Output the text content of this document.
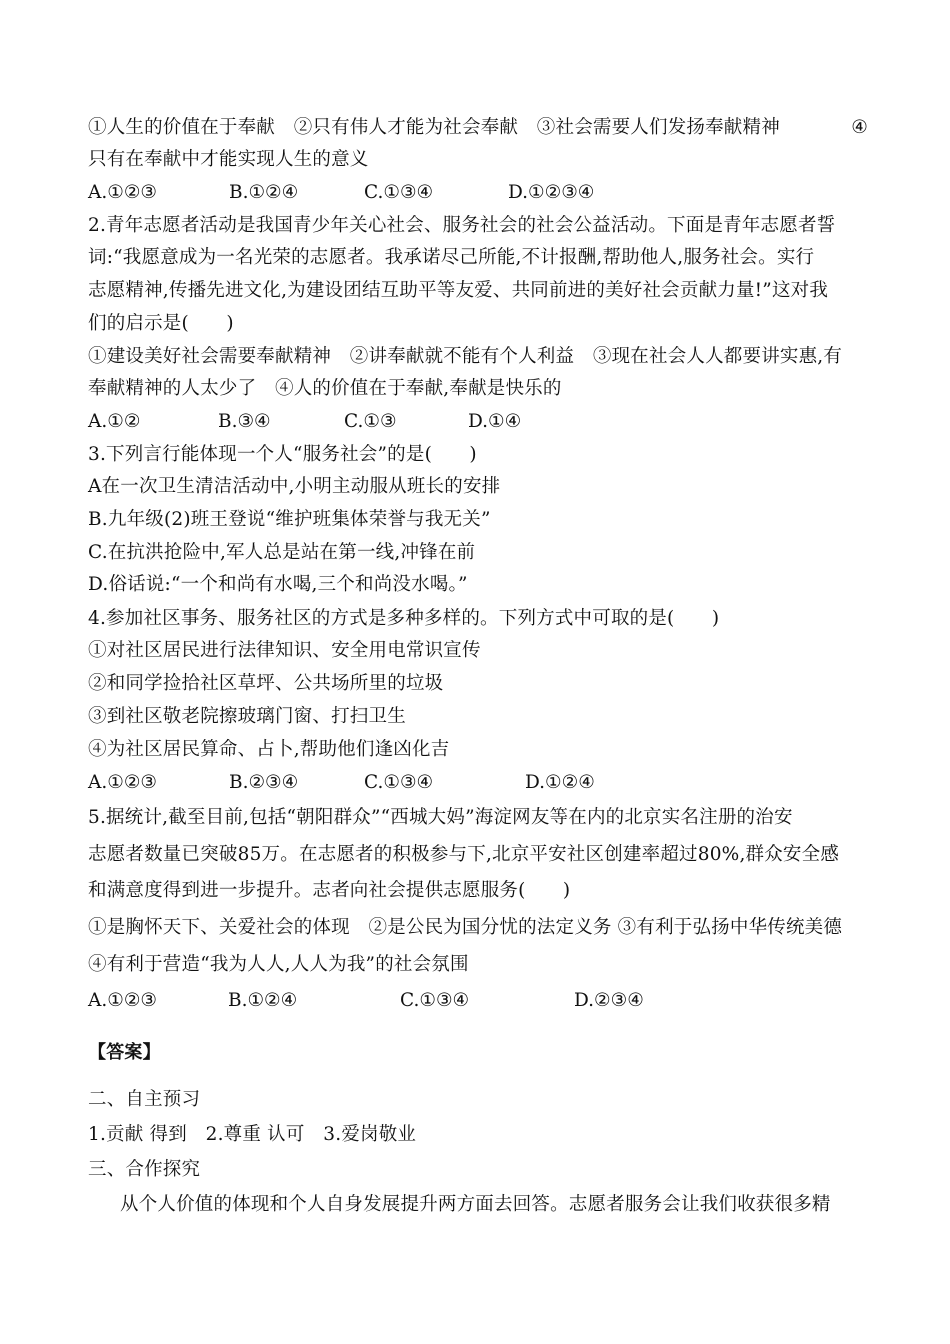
①人生的价值在于奉献　②只有伟人才能为社会奉献　③社会需要人们发扬奉献精神	④
只有在奉献中才能实现人生的意义
A.①②③	B.①②④	C.①③④	D.①②③④
2.青年志愿者活动是我国青少年关心社会、服务社会的社会公益活动。下面是青年志愿者誓
词:“我愿意成为一名光荣的志愿者。我承诺尽己所能,不计报酬,帮助他人,服务社会。实行
志愿精神,传播先进文化,为建设团结互助平等友爱、共同前进的美好社会贡献力量!”这对我
们的启示是(　　)
①建设美好社会需要奉献精神　②讲奉献就不能有个人利益　③现在社会人人都要讲实惠,有
奉献精神的人太少了　④人的价值在于奉献,奉献是快乐的
A.①②	B.③④	C.①③	D.①④
3.下列言行能体现一个人“服务社会”的是(　　)
A在一次卫生清洁活动中,小明主动服从班长的安排
B.九年级(2)班王登说“维护班集体荣誉与我无关”
C.在抗洪抢险中,军人总是站在第一线,冲锋在前
D.俗话说:“一个和尚有水喝,三个和尚没水喝。”
4.参加社区事务、服务社区的方式是多种多样的。下列方式中可取的是(　　)
①对社区居民进行法律知识、安全用电常识宣传
②和同学捡拾社区草坪、公共场所里的垃圾
③到社区敬老院擦玻璃门窗、打扫卫生
④为社区居民算命、占卜,帮助他们逢凶化吉
A.①②③	B.②③④	C.①③④	D.①②④
5.据统计,截至目前,包括“朝阳群众”“西城大妈”海淀网友等在内的北京实名注册的治安
志愿者数量已突破85万。在志愿者的积极参与下,北京平安社区创建率超过80%,群众安全感
和满意度得到进一步提升。志者向社会提供志愿服务(　　)
①是胸怀天下、关爱社会的体现　②是公民为国分忧的法定义务 ③有利于弘扬中华传统美德
④有利于营造“我为人人,人人为我”的社会氛围
A.①②③	B.①②④	C.①③④	D.②③④
【答案】
二、自主预习
1.贡献 得到　2.尊重 认可　3.爱岗敬业
三、合作探究
从个人价值的体现和个人自身发展提升两方面去回答。志愿者服务会让我们收获很多精
